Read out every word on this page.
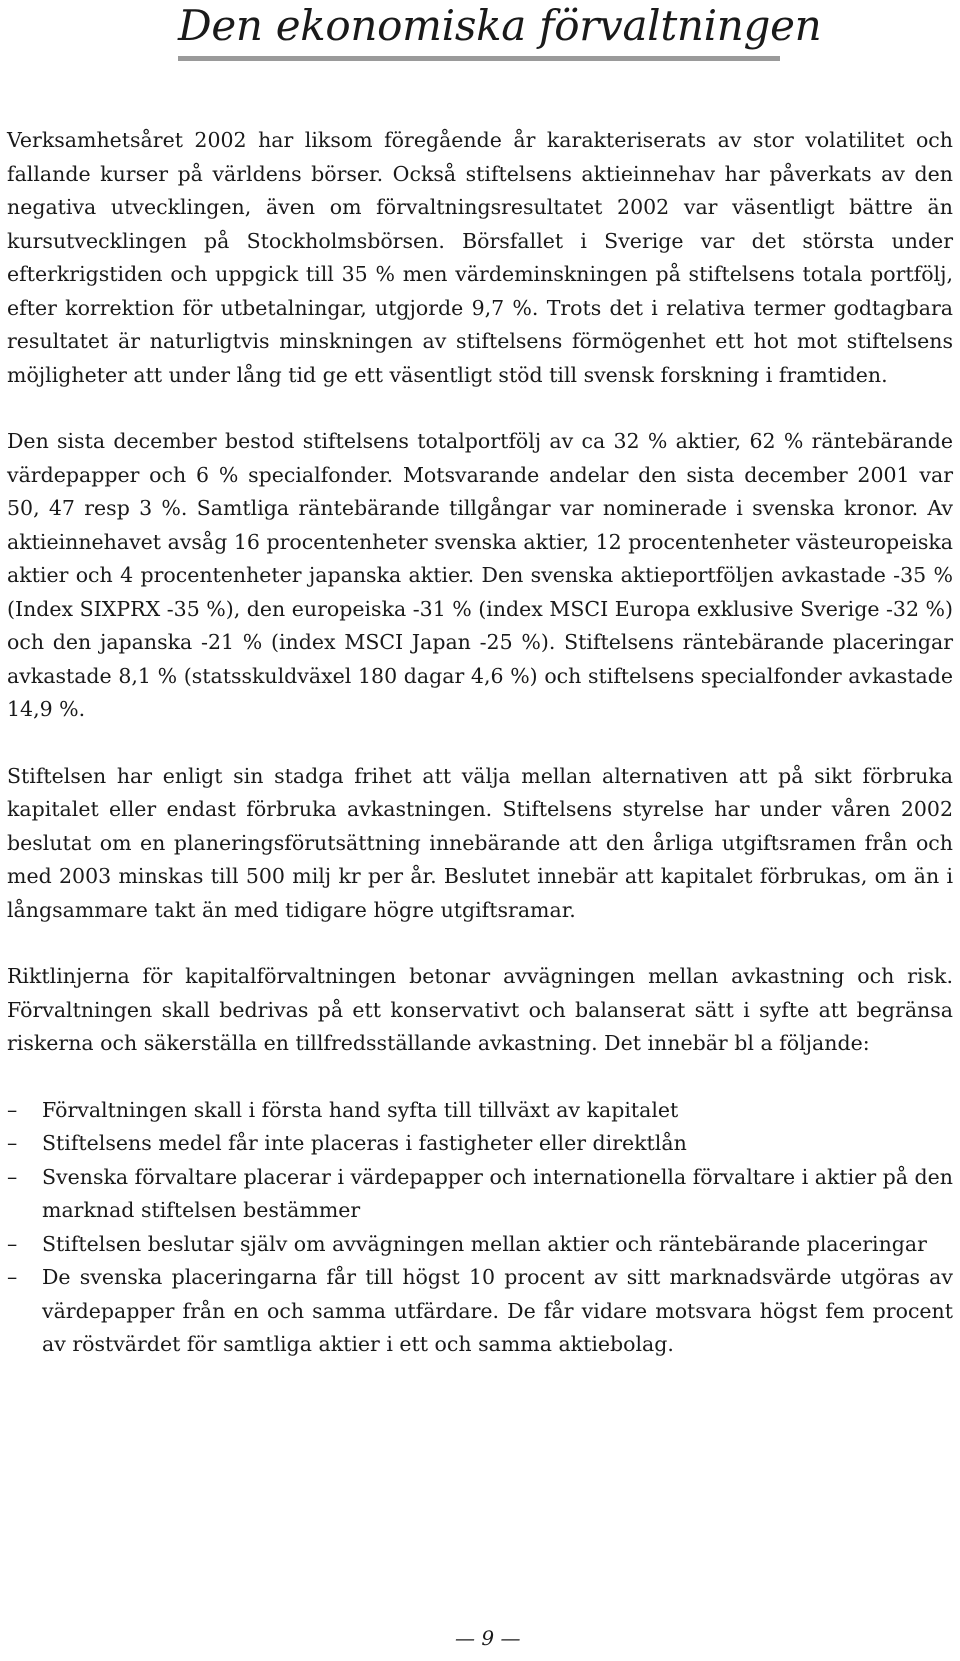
Den ekonomiska förvaltningen

Verksamhetsåret 2002 har liksom föregående år karakteriserats av stor volatilitet och fallande kurser på världens börser. Också stiftelsens aktieinnehav har påverkats av den negativa utvecklingen, även om förvaltningsresultatet 2002 var väsentligt bättre än kursutvecklingen på Stockholmsbörsen. Börsfallet i Sverige var det största under efterkrigstiden och uppgick till 35 % men värdeminskningen på stiftelsens totala portfölj, efter korrektion för utbetalningar, utgjorde 9,7 %. Trots det i relativa termer godtagbara resultatet är naturligtvis minskningen av stiftelsens förmögenhet ett hot mot stiftelsens möjligheter att under lång tid ge ett väsentligt stöd till svensk forskning i framtiden.

Den sista december bestod stiftelsens totalportfölj av ca 32 % aktier, 62 % räntebärande värdepapper och 6 % specialfonder. Motsvarande andelar den sista december 2001 var 50, 47 resp 3 %. Samtliga räntebärande tillgångar var nominerade i svenska kronor. Av aktieinnehavet avsåg 16 procentenheter svenska aktier, 12 procentenheter västeuropeiska aktier och 4 procentenheter japanska aktier. Den svenska aktieportföljen avkastade -35 % (Index SIXPRX -35 %), den europeiska -31 % (index MSCI Europa exklusive Sverige -32 %) och den japanska -21 % (index MSCI Japan -25 %). Stiftelsens räntebärande placeringar avkastade 8,1 % (statsskuldväxel 180 dagar 4,6 %) och stiftelsens specialfonder avkastade 14,9 %.

Stiftelsen har enligt sin stadga frihet att välja mellan alternativen att på sikt förbruka kapitalet eller endast förbruka avkastningen. Stiftelsens styrelse har under våren 2002 beslutat om en planeringsförutsättning innebärande att den årliga utgiftsramen från och med 2003 minskas till 500 milj kr per år. Beslutet innebär att kapitalet förbrukas, om än i långsammare takt än med tidigare högre utgiftsramar.

Riktlinjerna för kapitalförvaltningen betonar avvägningen mellan avkastning och risk. Förvaltningen skall bedrivas på ett konservativt och balanserat sätt i syfte att begränsa riskerna och säkerställa en tillfredsställande avkastning. Det innebär bl a följande:

– Förvaltningen skall i första hand syfta till tillväxt av kapitalet
– Stiftelsens medel får inte placeras i fastigheter eller direktlån
– Svenska förvaltare placerar i värdepapper och internationella förvaltare i aktier på den marknad stiftelsen bestämmer
– Stiftelsen beslutar själv om avvägningen mellan aktier och räntebärande placeringar
– De svenska placeringarna får till högst 10 procent av sitt marknadsvärde utgöras av värdepapper från en och samma utfärdare. De får vidare motsvara högst fem procent av röstvärdet för samtliga aktier i ett och samma aktiebolag.
— 9 —
